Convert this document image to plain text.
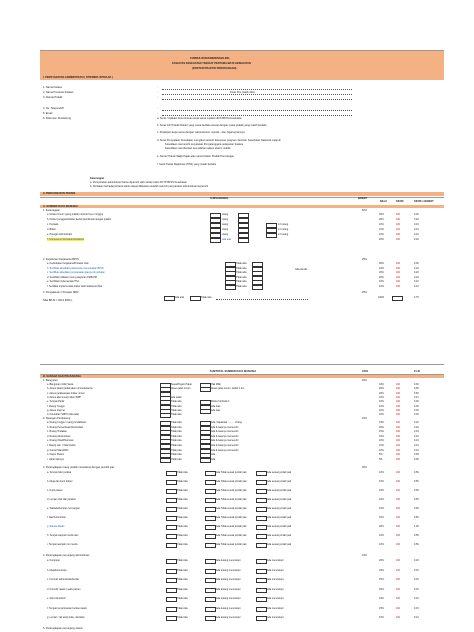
FORMULIR REKREDENSIALING
FASILITAS KESEHATAN TINGKAT PERTAMA BPJS KESEHATAN
(DOKTER PRAKTIK PERORANGAN)
I. PERSYARATAN ADMINISTRASI ( DITERIMA /DITOLAK )
1. Nama Faskes	:
2. Nama Pimpinan Faskes	:
3. Alamat Praktik	:
4. No. Telepon/HP	:
5. Email	:
Kode Pos (wajib diisi)
6. Dokumen Pendukung	a. Surat / Aplikasi Permohonan kerja sama melalui HFIS BPJS Kesehatan
b. Surat Izin Praktik Dokter yang masa berlaku sesuai dengan masa praktik yang masih berlaku
c. Perjanjian kerja sama dengan Laboratorium, Apotek , dan Jejaring lainnya
d. Surat Pernyataan Kesediaan mengikuti seluruh ketentuan program Jaminan Kesehatan Nasional meliputi
e. Nomor Pokok Wajib Pajak atas nama Dokter Praktik Perorangan
f. Surat Tanda Registrasi (STR) yang masih berlaku
Kesediaan memenuhi peryaratan Penyelenggara pelayanan Faskes
Kesediaan memberikan kemudahan akses sistem mobile
Keterangan
a. Persyaratan administrasi harus dipenuhi oleh setiap calon FKTP BPJS Kesehatan
b. Penilaian terhadap kriteria teknis dapat dilakukan setelah seluruh persyaratan administrasi terpenuhi
II. PERSYARATAN TEKNIS
SUBVARIABEL	BOBOT
NILAI	SKOR	SKOR x BOBOT
A. SUMBER DAYA MANUSIA
1. Ketenagaan	50%
a. Dokter Umum (yang praktik minimal 6 per minggu)	orang	30%	100	0.30
b. Dokter pengganti/dokter kedua (kombinasi dengan praktik	orang	20%	100	0.20
c. Perawat	orang	2-3 orang	10%	100	0.10
d. Bidan	orang	2-3 orang	10%	100	0.10
e. Petugas Administrasi	orang	2-3 orang	10%	100	0.10
f. Kompetensi Tambahan/Pelatihan	Ada ada	20%	100	0.20
2. Kepatuhan Kerjasama BPJS	25%
a. Kedudukan Kerjasama/Proteksi Cam	Tidak ada	30%	100	0.30
b. Sertifikat akreditasi puskesmas memutuskan BPJS	Tidak ada	10%	100	0.10
c. Sertifikat akreditasi penyelesaian karena di perlukan	Tidak ada	20%	100	0.20
d. Sertifikat Indikator mutu pelayanan PMIKOM	Tidak ada	20%	100	0.20
e. Sertifikat implementasi HSJ	Tidak ada	10%	100	0.10
f. Sertifikat implementasi dokter tata hasil/surat (Kiat	Tidak ada	10%	100	0.10
Ada tanda
Nilai BPJS = 0013 3000 ),
3. Pengalaman / Prestasi SDM	25%
Ada ada	Tidak ada	100%	2.75
SUBTOTAL SUMBER DAYA MANUSIA	100%	21.40
B. SARANA DAN PRASARANA
1. Bangunan	20%
a. Bangunan milik/ Sewa	Sewa/Pinjam Pakai	Hak Milik	10%	100	0.30
b. Akses lokasi (dekat jalan umum/dekat ke	Akses jalan umum	Akses jalan umum, radius 1 km	20%	100	0.60
c. Akses pelaksanaan dokter umum	20%	100	0.60
d. Akses alat /energi /sikon BRP	Ada salah	10%	100	0.47
e. Tempat Parkir	Tidak ada	Roda 2 & Roda 4	10%	100	0.30
f. Ruang Tunggu	Tidak ada	Ada luas	10%	100	0.30
g. Akses Internet	Tidak ada	Ada luas	10%	100	0.30
h. Kelurahan SDPS (Ada ada)	Tidak ada	10%	100	0.30
2. Ruangan Pendukung	10%
a. Ruang tunggu / ruang pendaftaran	Tidak Ada	Ada, Kapasitas .......... Orang	15%	100	0.22
b. Ruang Pemeriksaan/Konsultasi	Tidak Ada	Ada & luasnya memenuhi	20%	100	0.20
c. Ruang Tindakan	Tidak Ada	Ada & luasnya memenuhi	15%	100	0.15
d. Ruang Administrasi	Tidak Ada	Ada & luasnya memenuhi	10%	100	0.10
e. Ruang Obat/Pharmasi	Tidak Ada	Ada & luasnya memenuhi	10%	100	0.10
f. Ruang Lab. / Tata Usaha	Tidak Ada	Ada & luasnya memenuhi	10%	100	0.10
g. Kamar Mandi/WC	Tidak Ada	Ada & luasnya memenuhi	10%	100	0.10
h. Dapur Pasien	Tidak Ada	Ada	5%	100	0.05
i. Lahan lainnya	Tidak Ada	Ada	5%	100	0.05
3. Perlengkapan ruang praktik mencakupi dengan pemilik pak:	30%
a. Tempat tidur periksa	Tidak Ada	Ada Tidak sesuai jumlah pak	Ada sesuai jumlah pak	10%	100	0.50
b. Meja dan kursi dokter	Tidak Ada	Ada Tidak sesuai jumlah pak	Ada sesuai jumlah pak	10%	100	0.50
c. Kursi pasien	Tidak Ada	Ada Tidak sesuai jumlah pak	Ada sesuai jumlah pak	10%	100	0.50
d. Lemari obat dan perabot	Tidak Ada	Ada Tidak sesuai jumlah pak	Ada sesuai jumlah pak	10%	100	0.50
e. Wastafel/tempat cuci tangan	Tidak Ada	Ada Tidak sesuai jumlah pak	Ada sesuai jumlah pak	10%	100	0.50
f. Alat Kebersihan	Tidak Ada	Ada Tidak sesuai jumlah pak	Ada sesuai jumlah pak	10%	100	0.50
g. Sarana Medis	Tidak Ada	Ada Tidak sesuai jumlah pak	Ada sesuai jumlah pak	20%	100	1.00
h. Tempat sampah medis dan	Tidak Ada	Ada Tidak sesuai jumlah pak	Ada sesuai jumlah pak	10%	100	0.50
i. Tempat sampah non medis	Tidak Ada	Ada Tidak sesuai jumlah pak	Ada sesuai jumlah pak	10%	100	0.50
4. Perlengkapan penunjang administrasi	10%
a. Komputer	Tidak Ada	Ada kurang mencukupi	Ada mencukupi	20%	100	0.20
b. Meja/kursi kerja	Tidak Ada	Ada kurang mencukupi	Ada mencukupi	15%	100	0.15
c. Formulir administrasi/kertas	Tidak Ada	Ada kurang mencukupi	Ada mencukupi	15%	100	0.15
d. Formulir rekam medis pasien	Tidak Ada	Ada kurang mencukupi	Ada mencukupi	15%	100	0.15
e. Alat tulis kantor	Tidak Ada	Ada kurang mencukupi	Ada mencukupi	10%	100	0.10
f. Tempat penyimpanan berkas rekam	Tidak Ada	Ada kurang mencukupi	Ada mencukupi	15%	100	0.15
g. Lemari / rak arsip buku, dan/atau	Tidak Ada	Ada kurang mencukupi	Ada mencukupi	10%	100	0.10
5. Perlengkapan penunjang sistem
